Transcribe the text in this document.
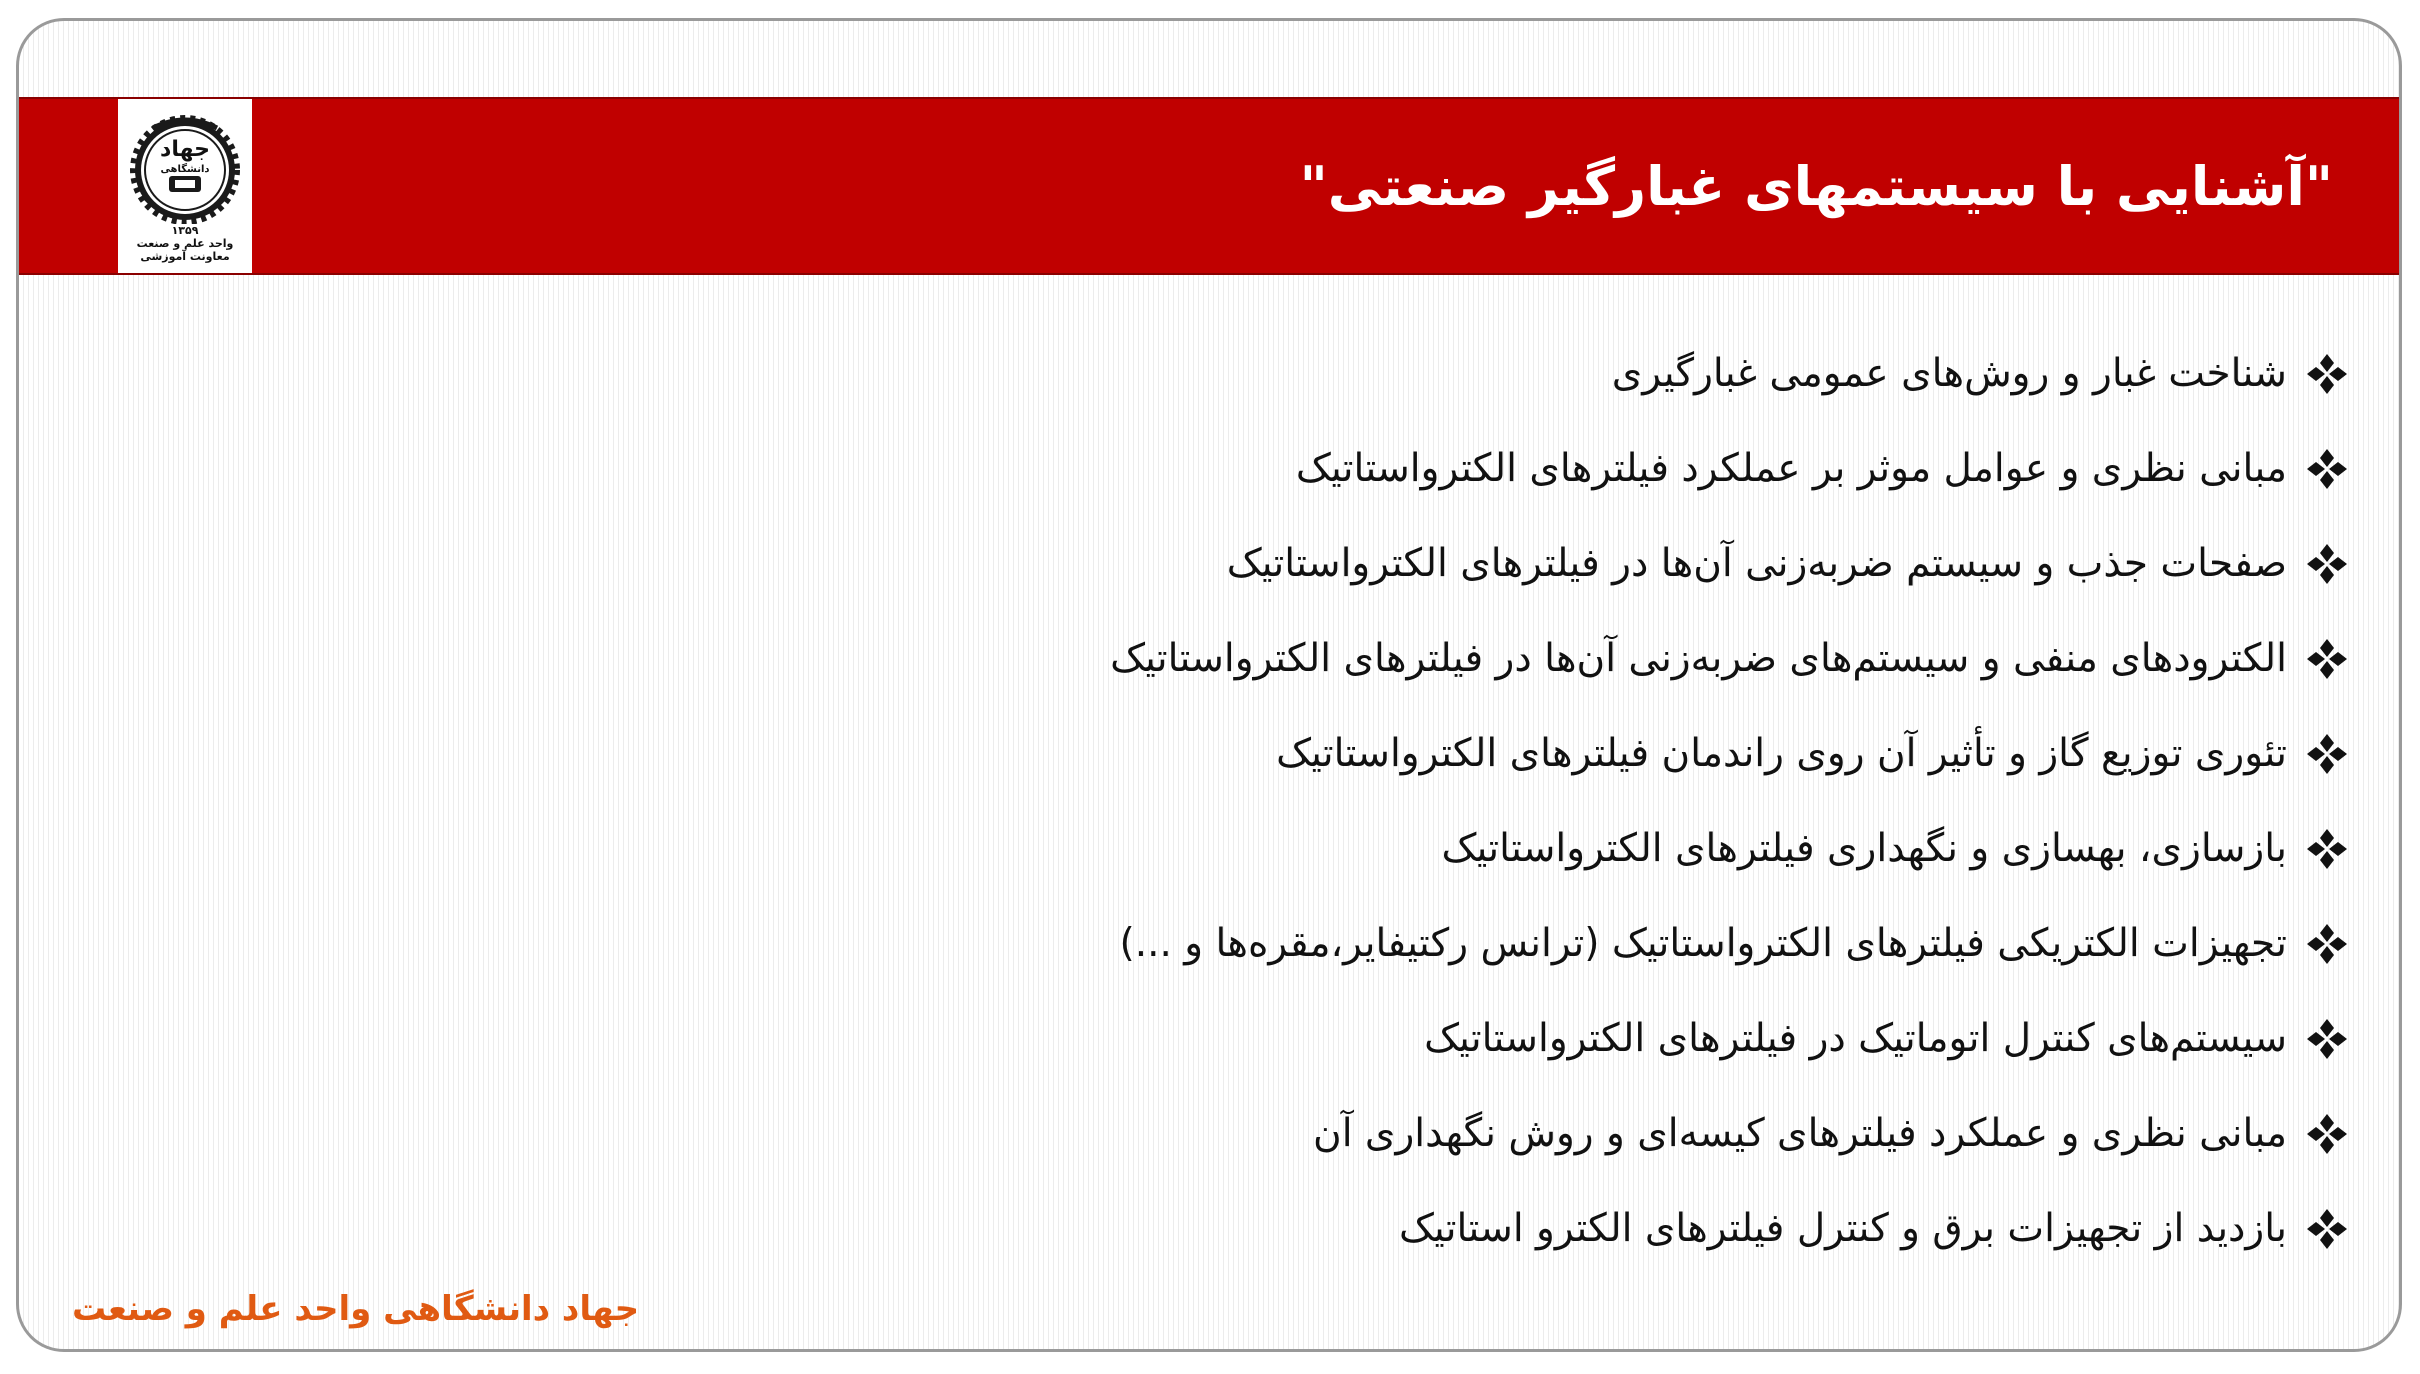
جهاد
دانشگاهی
۱۳۵۹
واحد علم و صنعت
معاونت آموزشی
"آشنایی با سیستمهای غبارگیر صنعتی"
شناخت غبار و روش‌های عمومی غبارگیری
مبانی نظری و عوامل موثر بر عملکرد فیلترهای الکترواستاتیک
صفحات جذب و سیستم ضربه‌زنی آن‌ها در فیلترهای الکترواستاتیک
الکترودهای منفی و سیستم‌های ضربه‌زنی آن‌ها در فیلترهای الکترواستاتیک
تئوری توزیع گاز و تأثیر آن روی راندمان فیلترهای الکترواستاتیک
بازسازی، بهسازی و نگهداری فیلترهای الکترواستاتیک
تجهیزات الکتریکی فیلترهای الکترواستاتیک (ترانس رکتیفایر،مقره‌ها و ...)
سیستم‌های کنترل اتوماتیک در فیلترهای الکترواستاتیک
مبانی نظری و عملکرد فیلترهای کیسه‌ای و روش نگهداری آن
بازدید از تجهیزات برق و کنترل فیلترهای الکترو استاتیک
جهاد دانشگاهی واحد علم و صنعت
